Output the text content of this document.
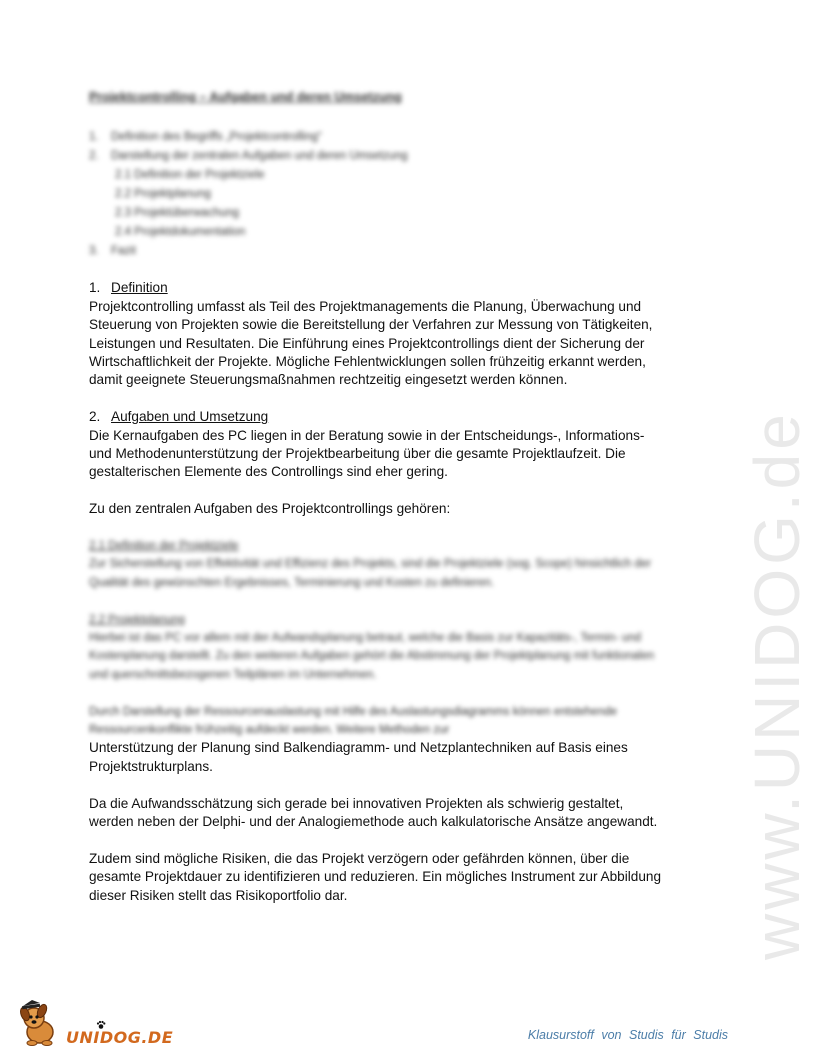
www.UNIDOG.de
Projektcontrolling – Aufgaben und deren Umsetzung
1. Definition des Begriffs „Projektcontrolling“
2. Darstellung der zentralen Aufgaben und deren Umsetzung
2.1 Definition der Projektziele
2.2 Projektplanung
2.3 Projektüberwachung
2.4 Projektdokumentation
3. Fazit
1. Definition

Projektcontrolling umfasst als Teil des Projektmanagements die Planung, Überwachung und Steuerung von Projekten sowie die Bereitstellung der Verfahren zur Messung von Tätigkeiten, Leistungen und Resultaten. Die Einführung eines Projektcontrollings dient der Sicherung der Wirtschaftlichkeit der Projekte. Mögliche Fehlentwicklungen sollen frühzeitig erkannt werden, damit geeignete Steuerungsmaßnahmen rechtzeitig eingesetzt werden können.

2. Aufgaben und Umsetzung

Die Kernaufgaben des PC liegen in der Beratung sowie in der Entscheidungs-, Informations- und Methodenunterstützung der Projektbearbeitung über die gesamte Projektlaufzeit. Die gestalterischen Elemente des Controllings sind eher gering.

Zu den zentralen Aufgaben des Projektcontrollings gehören:

2.1 Definition der Projektziele
Zur Sicherstellung von Effektivität und Effizienz des Projekts, sind die Projektziele (sog. Scope) hinsichtlich der Qualität des gewünschten Ergebnisses, Terminierung und Kosten zu definieren.
2.2 Projektplanung
Hierbei ist das PC vor allem mit der Aufwandsplanung betraut, welche die Basis zur Kapazitäts-, Termin- und Kostenplanung darstellt. Zu den weiteren Aufgaben gehört die Abstimmung der Projektplanung mit funktionalen und querschnittsbezogenen Teilplänen im Unternehmen.
Durch Darstellung der Ressourcenauslastung mit Hilfe des Auslastungsdiagramms können entstehende Ressourcenkonflikte frühzeitig aufdeckt werden. Weitere Methoden zur

Unterstützung der Planung sind Balkendiagramm- und Netzplantechniken auf Basis eines Projektstrukturplans.

Da die Aufwandsschätzung sich gerade bei innovativen Projekten als schwierig gestaltet, werden neben der Delphi- und der Analogiemethode auch kalkulatorische Ansätze angewandt.

Zudem sind mögliche Risiken, die das Projekt verzögern oder gefährden können, über die gesamte Projektdauer zu identifizieren und reduzieren. Ein mögliches Instrument zur Abbildung dieser Risiken stellt das Risikoportfolio dar.

UNIDOG.DE	Klausurstoff von Studis für Studis
